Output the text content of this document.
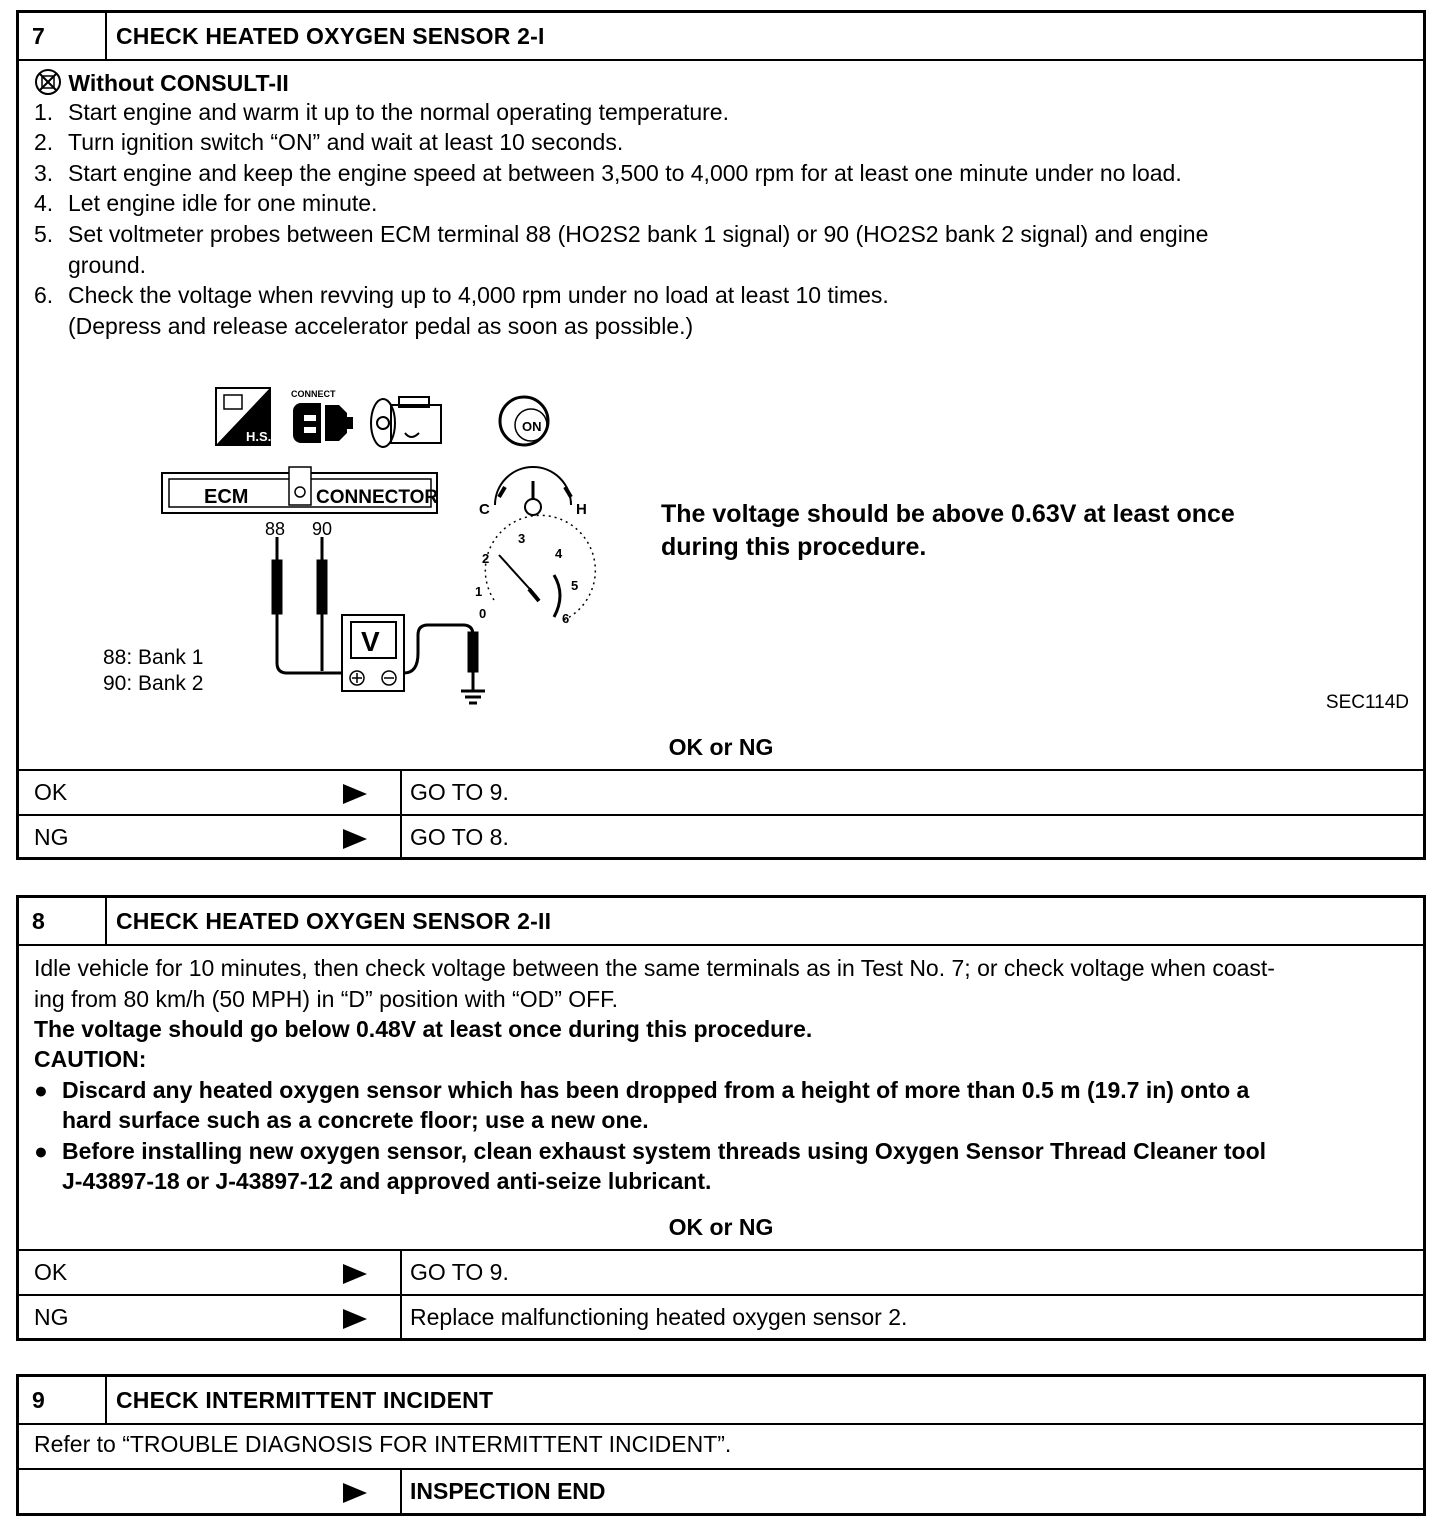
7	CHECK HEATED OXYGEN SENSOR 2-I
Without CONSULT-II
1. Start engine and warm it up to the normal operating temperature.
2. Turn ignition switch “ON” and wait at least 10 seconds.
3. Start engine and keep the engine speed at between 3,500 to 4,000 rpm for at least one minute under no load.
4. Let engine idle for one minute.
5. Set voltmeter probes between ECM terminal 88 (HO2S2 bank 1 signal) or 90 (HO2S2 bank 2 signal) and engine
ground.
6. Check the voltage when revving up to 4,000 rpm under no load at least 10 times.
(Depress and release accelerator pedal as soon as possible.)
H.S.
CONNECT
ON
ECM	CONNECTOR
88 90
V
C	H
0
1
2
3
4
5
6
88: Bank 1
90: Bank 2
The voltage should be above 0.63V at least once
during this procedure.
SEC114D
OK or NG
OK	GO TO 9.
NG	GO TO 8.
8	CHECK HEATED OXYGEN SENSOR 2-II
Idle vehicle for 10 minutes, then check voltage between the same terminals as in Test No. 7; or check voltage when coast-
ing from 80 km/h (50 MPH) in “D” position with “OD” OFF.
The voltage should go below 0.48V at least once during this procedure.
CAUTION:
● Discard any heated oxygen sensor which has been dropped from a height of more than 0.5 m (19.7 in) onto a
hard surface such as a concrete floor; use a new one.
● Before installing new oxygen sensor, clean exhaust system threads using Oxygen Sensor Thread Cleaner tool
J-43897-18 or J-43897-12 and approved anti-seize lubricant.
OK or NG
OK	GO TO 9.
NG	Replace malfunctioning heated oxygen sensor 2.
9	CHECK INTERMITTENT INCIDENT
Refer to “TROUBLE DIAGNOSIS FOR INTERMITTENT INCIDENT”.
INSPECTION END
